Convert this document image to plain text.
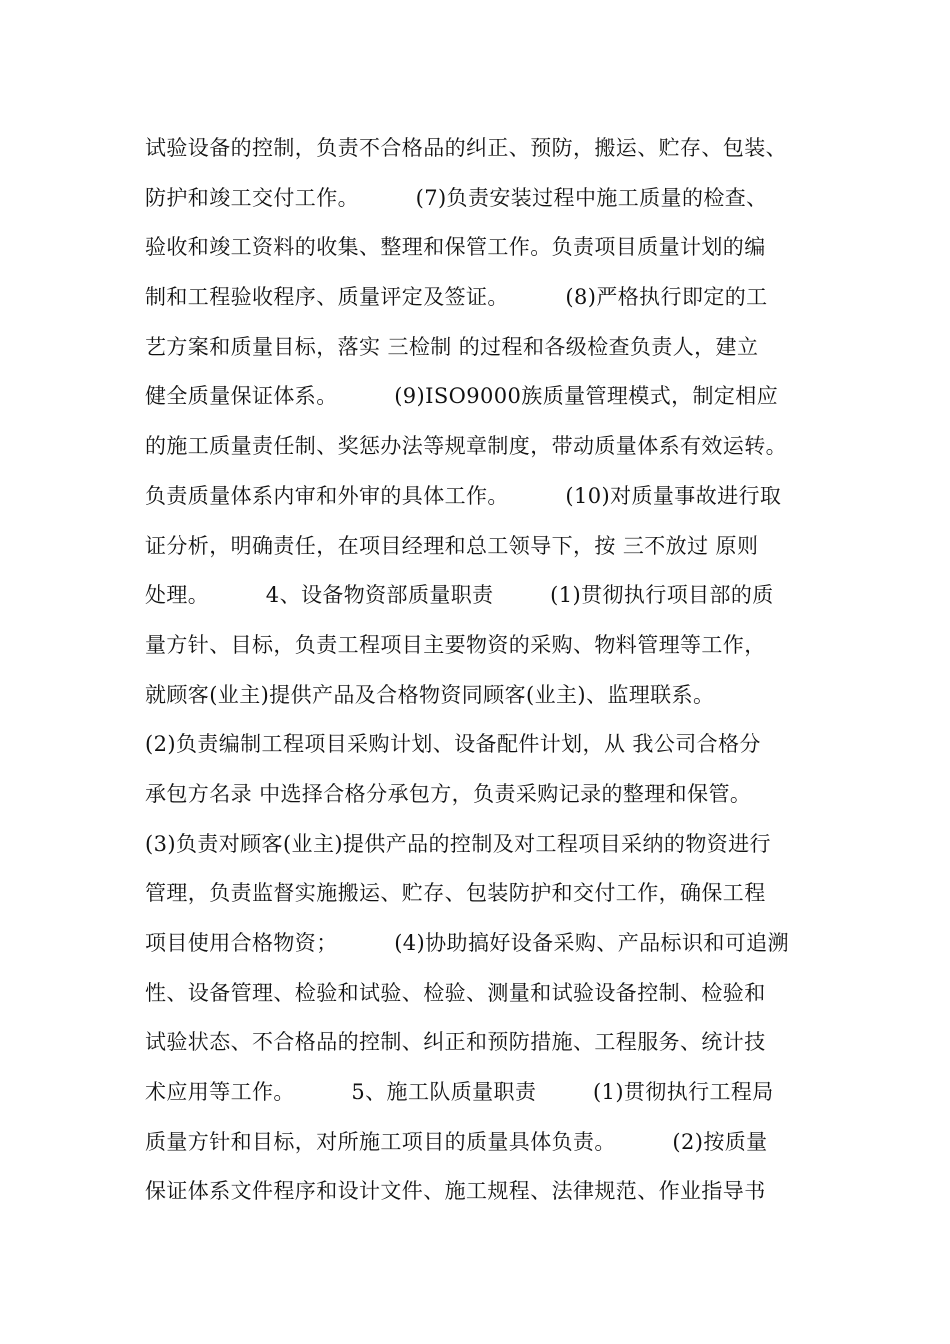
试验设备的控制，负责不合格品的纠正、预防，搬运、贮存、包装、
防护和竣工交付工作。        (7)负责安装过程中施工质量的检查、
验收和竣工资料的收集、整理和保管工作。负责项目质量计划的编
制和工程验收程序、质量评定及签证。        (8)严格执行即定的工
艺方案和质量目标，落实 三检制 的过程和各级检查负责人，建立
健全质量保证体系。        (9)ISO9000族质量管理模式，制定相应
的施工质量责任制、奖惩办法等规章制度，带动质量体系有效运转。
负责质量体系内审和外审的具体工作。        (10)对质量事故进行取
证分析，明确责任，在项目经理和总工领导下，按 三不放过 原则
处理。        4、设备物资部质量职责        (1)贯彻执行项目部的质
量方针、目标，负责工程项目主要物资的采购、物料管理等工作，
就顾客(业主)提供产品及合格物资同顾客(业主)、监理联系。
(2)负责编制工程项目采购计划、设备配件计划，从 我公司合格分
承包方名录 中选择合格分承包方，负责采购记录的整理和保管。
(3)负责对顾客(业主)提供产品的控制及对工程项目采纳的物资进行
管理，负责监督实施搬运、贮存、包装防护和交付工作，确保工程
项目使用合格物资；        (4)协助搞好设备采购、产品标识和可追溯
性、设备管理、检验和试验、检验、测量和试验设备控制、检验和
试验状态、不合格品的控制、纠正和预防措施、工程服务、统计技
术应用等工作。        5、施工队质量职责        (1)贯彻执行工程局
质量方针和目标，对所施工项目的质量具体负责。        (2)按质量
保证体系文件程序和设计文件、施工规程、法律规范、作业指导书
